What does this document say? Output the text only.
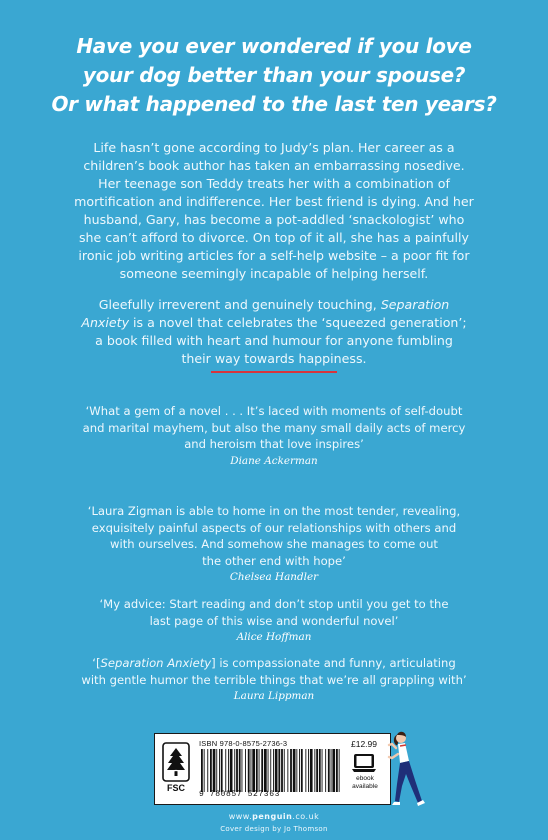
Have you ever wondered if you love
your dog better than your spouse?
Or what happened to the last ten years?
Life hasn’t gone according to Judy’s plan. Her career as a
children’s book author has taken an embarrassing nosedive.
Her teenage son Teddy treats her with a combination of
mortification and indifference. Her best friend is dying. And her
husband, Gary, has become a pot-addled ‘snackologist’ who
she can’t afford to divorce. On top of it all, she has a painfully
ironic job writing articles for a self-help website – a poor fit for
someone seemingly incapable of helping herself.
Gleefully irreverent and genuinely touching, Separation
Anxiety is a novel that celebrates the ‘squeezed generation’;
a book filled with heart and humour for anyone fumbling
their way towards happiness.
‘What a gem of a novel . . . It’s laced with moments of self-doubt
and marital mayhem, but also the many small daily acts of mercy
and heroism that love inspires’
Diane Ackerman
‘Laura Zigman is able to home in on the most tender, revealing,
exquisitely painful aspects of our relationships with others and
with ourselves. And somehow she manages to come out
the other end with hope’
Chelsea Handler
‘My advice: Start reading and don’t stop until you get to the
last page of this wise and wonderful novel’
Alice Hoffman
‘[Separation Anxiety] is compassionate and funny, articulating
with gentle humor the terrible things that we’re all grappling with’
Laura Lippman
FSC
ISBN 978-0-8575-2736-3
9 780857 527363
£12.99
ebook available
www.penguin.co.uk
Cover design by Jo Thomson
